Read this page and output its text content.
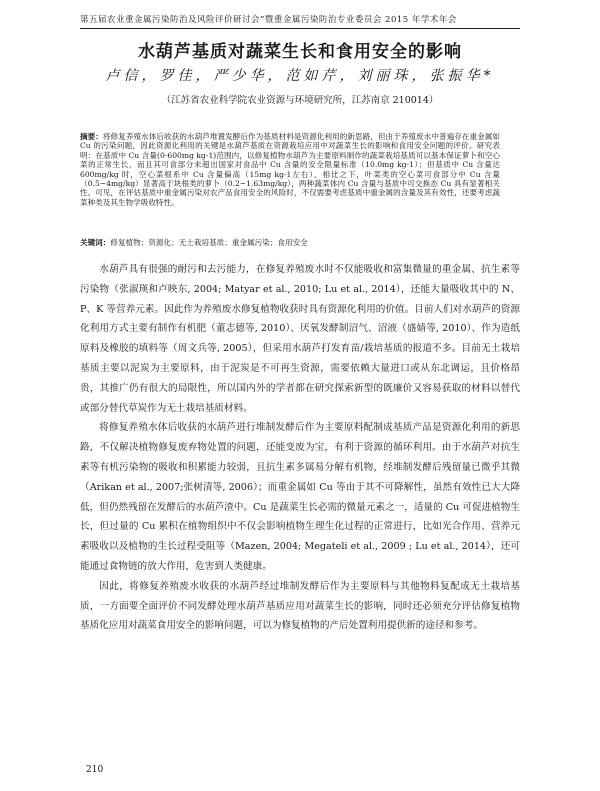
第五届农业重金属污染防治及风险评价研讨会”暨重金属污染防治专业委员会 2015 年学术年会
水葫芦基质对蔬菜生长和食用安全的影响
卢信，罗佳，严少华，范如芹，刘丽珠，张振华*
（江苏省农业科学院农业资源与环境研究所，江苏南京 210014）
摘要：将修复养殖水体后收获的水葫芦堆置发酵后作为基质材料是资源化利用的新思路，但由于养殖废水中普遍存在重金属如 Cu 的污染问题，因此资源化利用的关键是水葫芦基质在资源栽培应用中对蔬菜生长的影响和食用安全问题的评价。研究表明：在基质中 Cu 含量(0-600mg kg-1)范围内，以修复植物水葫芦为主要原料制作的蔬菜栽培基质可以基本保证萝卜和空心菜的正常生长，而且其可食部分未超出国家对食品中 Cu 含量的安全限量标准（10.0mg kg-1）；但基质中 Cu 含量达 600mg/kg 时，空心菜根系中 Cu 含量偏高（15mg kg-1左右），相比之下，叶菜类的空心菜可食部分中 Cu 含量（0.5~4mg/kg）显著高于块根类的萝卜（0.2~1.63mg/kg），两种蔬菜体内 Cu 含量与基质中可交换态 Cu 具有显著相关性。可见，在评估基质中重金属污染对农产品食用安全的风险时，不仅需要考虑基质中重金属的含量及其有效性，还要考虑蔬菜种类及其生物学吸收特性。
关键词：修复植物；资源化；无土栽培基质；重金属污染；食用安全

水葫芦具有很强的耐污和去污能力，在修复养殖废水时不仅能吸收和富集微量的重金属、抗生素等污染物（张淑瑛和卢映东, 2004; Matyar et al., 2010; Lu et al., 2014），还能大量吸收其中的 N、P、K 等营养元素。因此作为养殖废水修复植物收获时具有资源化利用的价值。目前人们对水葫芦的资源化利用方式主要有制作有机肥（董志德等, 2010）、厌氧发酵制沼气、沼液（盛婧等, 2010）、作为造纸原料及橡胶的填料等（周文兵等, 2005），但采用水葫芦打发育苗/栽培基质的报道不多。目前无土栽培基质主要以泥炭为主要原料，由于泥炭是不可再生资源，需要依赖大量进口或从东北调运，且价格昂贵，其推广仍有很大的局限性，所以国内外的学者都在研究探索新型的既廉价又容易获取的材料以替代或部分替代草炭作为无土栽培基质材料。

将修复养殖水体后收获的水葫芦进行堆制发酵后作为主要原料配制成基质产品是资源化利用的新思路，不仅解决植物修复废弃物处置的问题，还能变废为宝，有利于资源的循环利用。由于水葫芦对抗生素等有机污染物的吸收和积累能力较弱，且抗生素多属易分解有机物，经堆制发酵后残留量已微乎其微（Arikan et al., 2007;张树清等, 2006）；而重金属如 Cu 等由于其不可降解性，虽然有效性已大大降低，但仍然残留在发酵后的水葫芦渣中。Cu 是蔬菜生长必需的微量元素之一，适量的 Cu 可促进植物生长，但过量的 Cu 累积在植物组织中不仅会影响植物生理生化过程的正常进行，比如光合作用、营养元素吸收以及植物的生长过程受阻等（Mazen, 2004; Megateli et al., 2009 ; Lu et al., 2014），还可能通过食物链的放大作用，危害到人类健康。

因此，将修复养殖废水收获的水葫芦经过堆制发酵后作为主要原料与其他物料复配成无土栽培基质，一方面要全面评价不同发酵处理水葫芦基质应用对蔬菜生长的影响，同时还必须充分评估修复植物基质化应用对蔬菜食用安全的影响问题，可以为修复植物的产后处置利用提供新的途径和参考。

210
